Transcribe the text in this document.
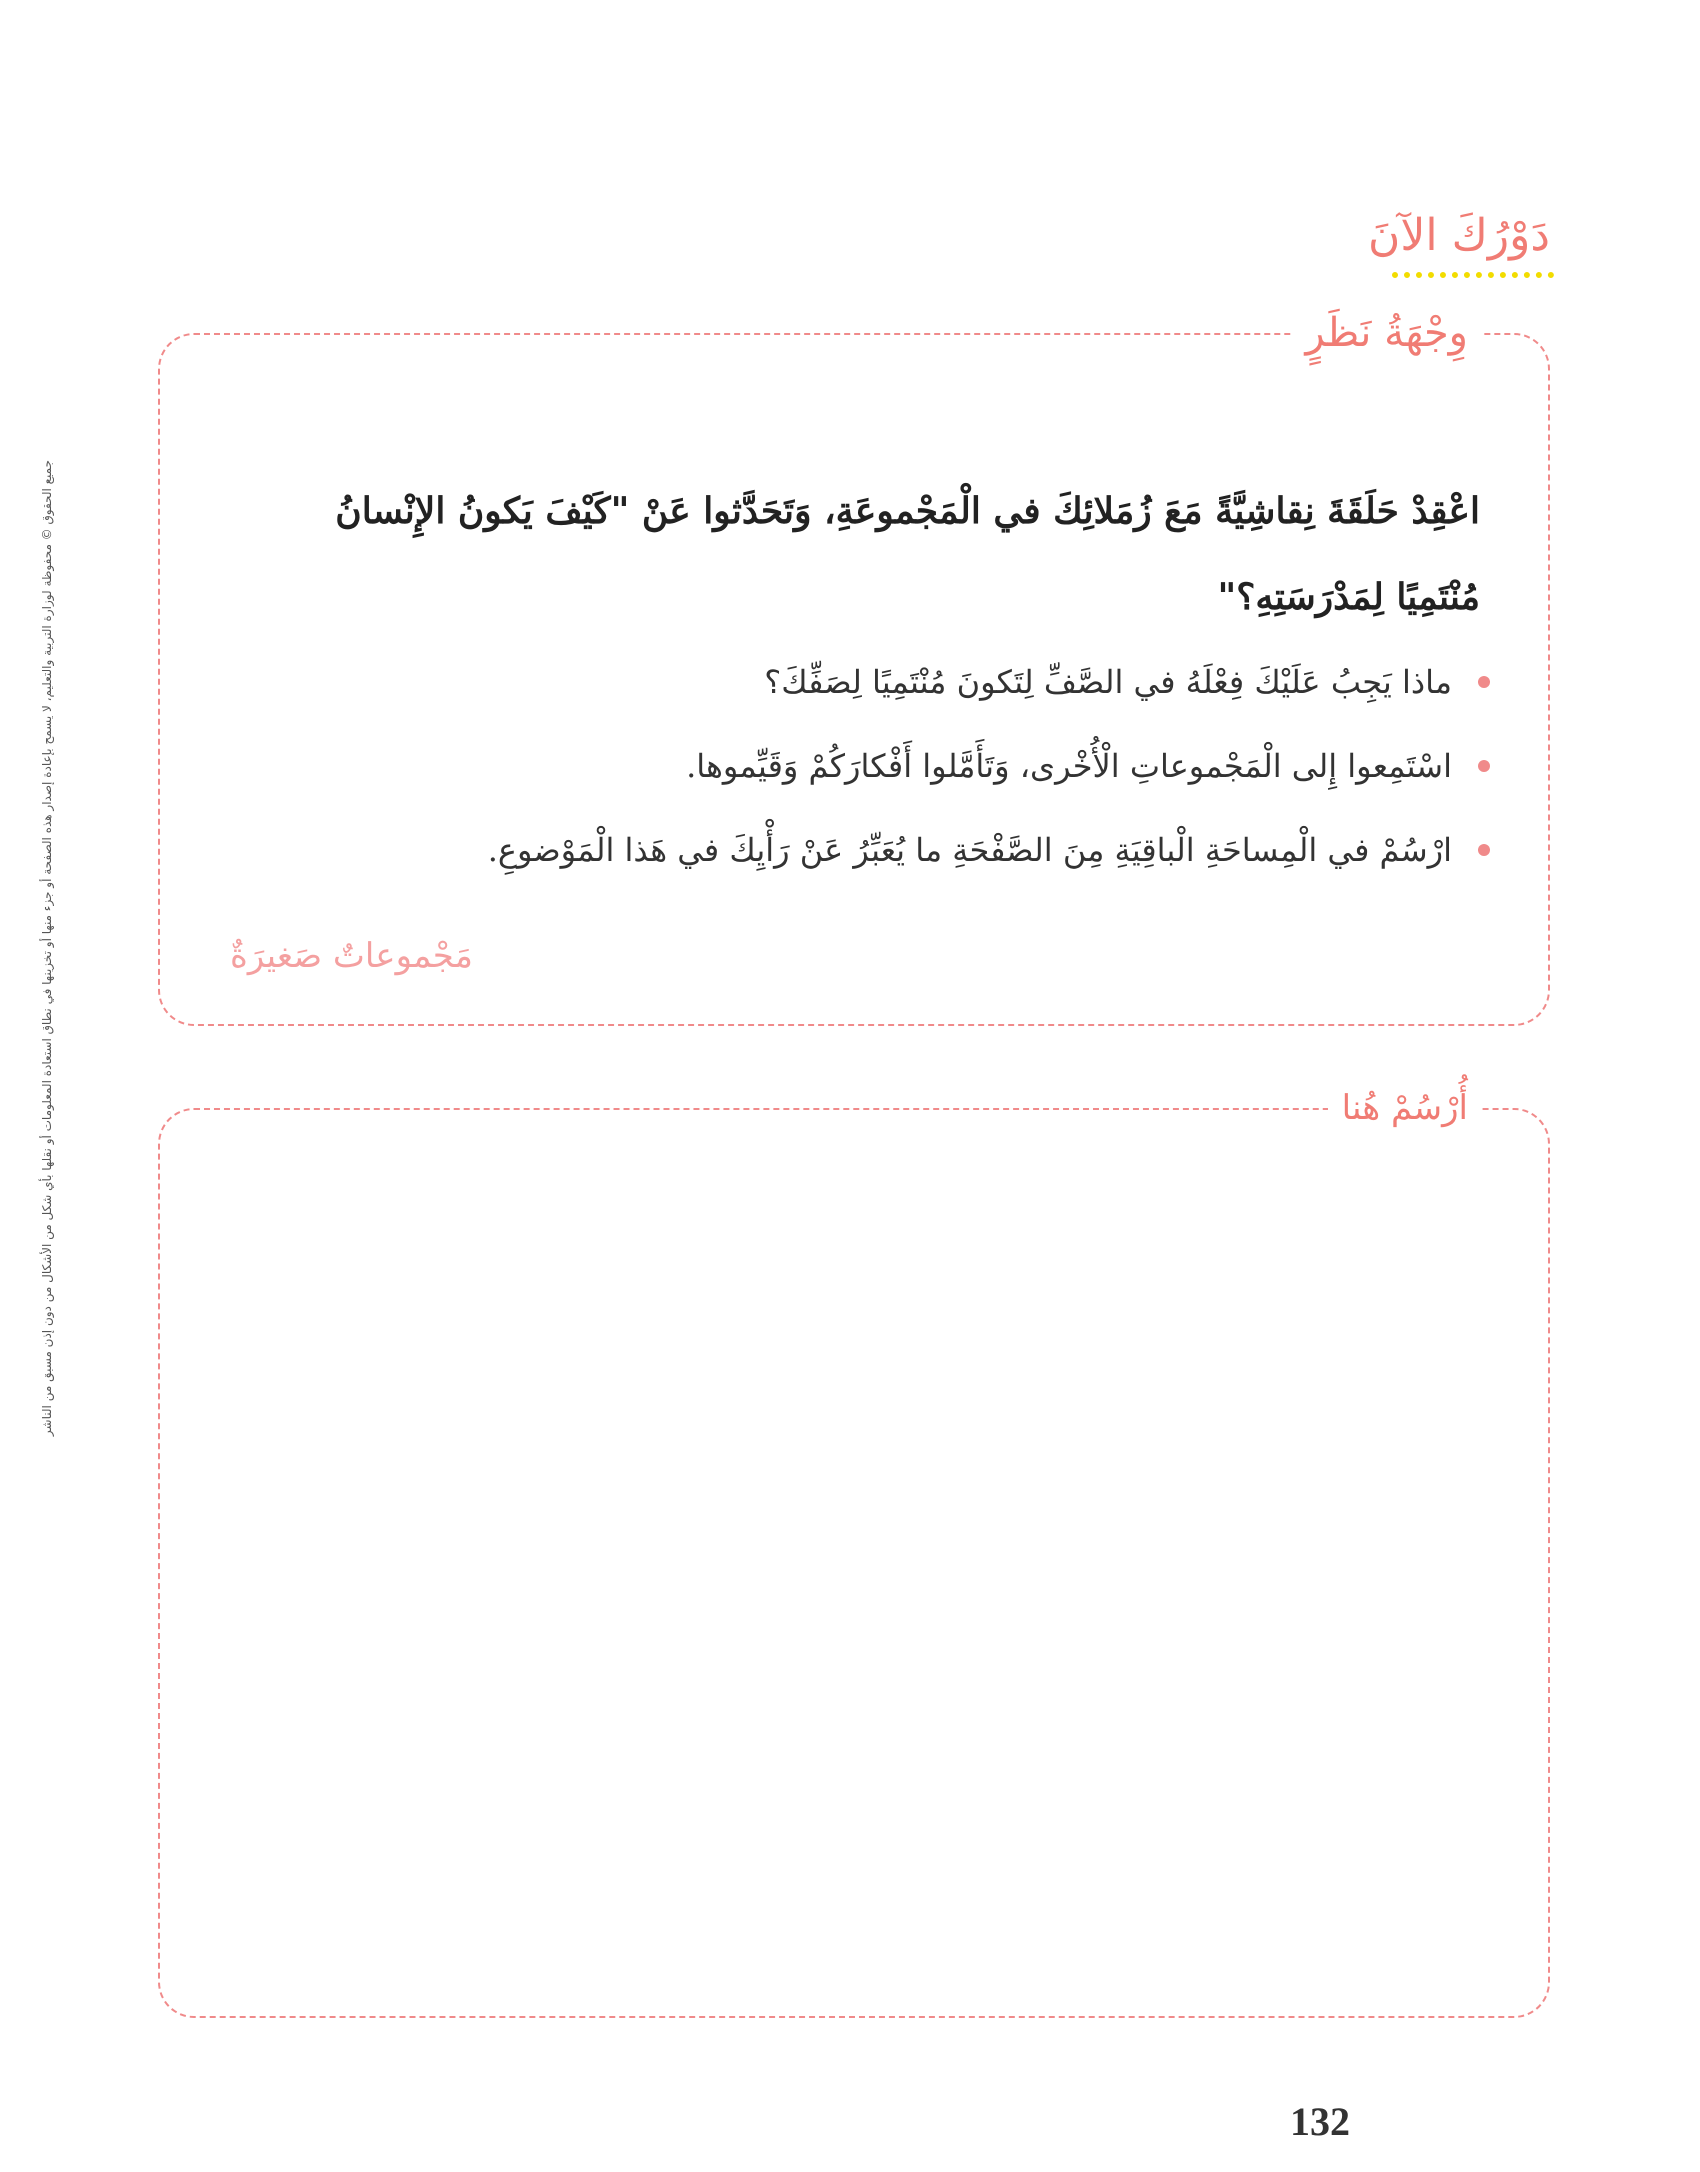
دَوْرُكَ الآنَ
وِجْهَةُ نَظَرٍ
اعْقِدْ حَلَقَةَ نِقاشِيَّةً مَعَ زُمَلائِكَ في الْمَجْموعَةِ، وَتَحَدَّثوا عَنْ "كَيْفَ يَكونُ الإِنْسانُ مُنْتَمِيًا لِمَدْرَسَتِهِ؟"
ماذا يَجِبُ عَلَيْكَ فِعْلَهُ في الصَّفِّ لِتَكونَ مُنْتَمِيًا لِصَفِّكَ؟
اسْتَمِعوا إِلى الْمَجْموعاتِ الْأُخْرى، وَتَأَمَّلوا أَفْكارَكُمْ وَقَيِّموها.
ارْسُمْ في الْمِساحَةِ الْباقِيَةِ مِنَ الصَّفْحَةِ ما يُعَبِّرُ عَنْ رَأْيِكَ في هَذا الْمَوْضوعِ.
مَجْموعاتٌ صَغيرَةٌ
أُرْسُمْ هُنا
جميع الحقوق © محفوظة لوزارة التربية والتعليم، لا يسمح بإعادة إصدار هذه الصفحة أو جزء منها أو تخزينها في نطاق استعادة المعلومات أو نقلها بأي شكل من الأشكال من دون إذن مسبق من الناشر
132
